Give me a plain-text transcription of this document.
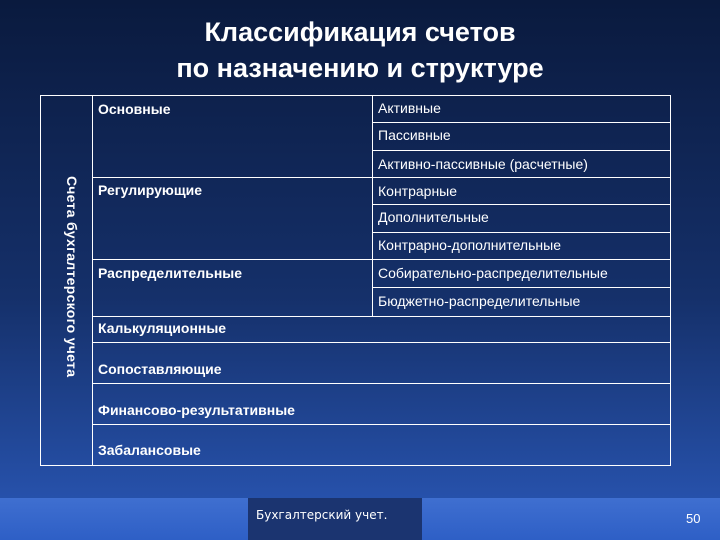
Классификация счетов
по назначению и структуре
Счета бухгалтерского учета
Основные	Активные
Пассивные
Активно-пассивные (расчетные)
Регулирующие	Контрарные
Дополнительные
Контрарно-дополнительные
Распределительные	Собирательно-распределительные
Бюджетно-распределительные
Калькуляционные
Сопоставляющие
Финансово-результативные
Забалансовые
Бухгалтерский учет.	50
